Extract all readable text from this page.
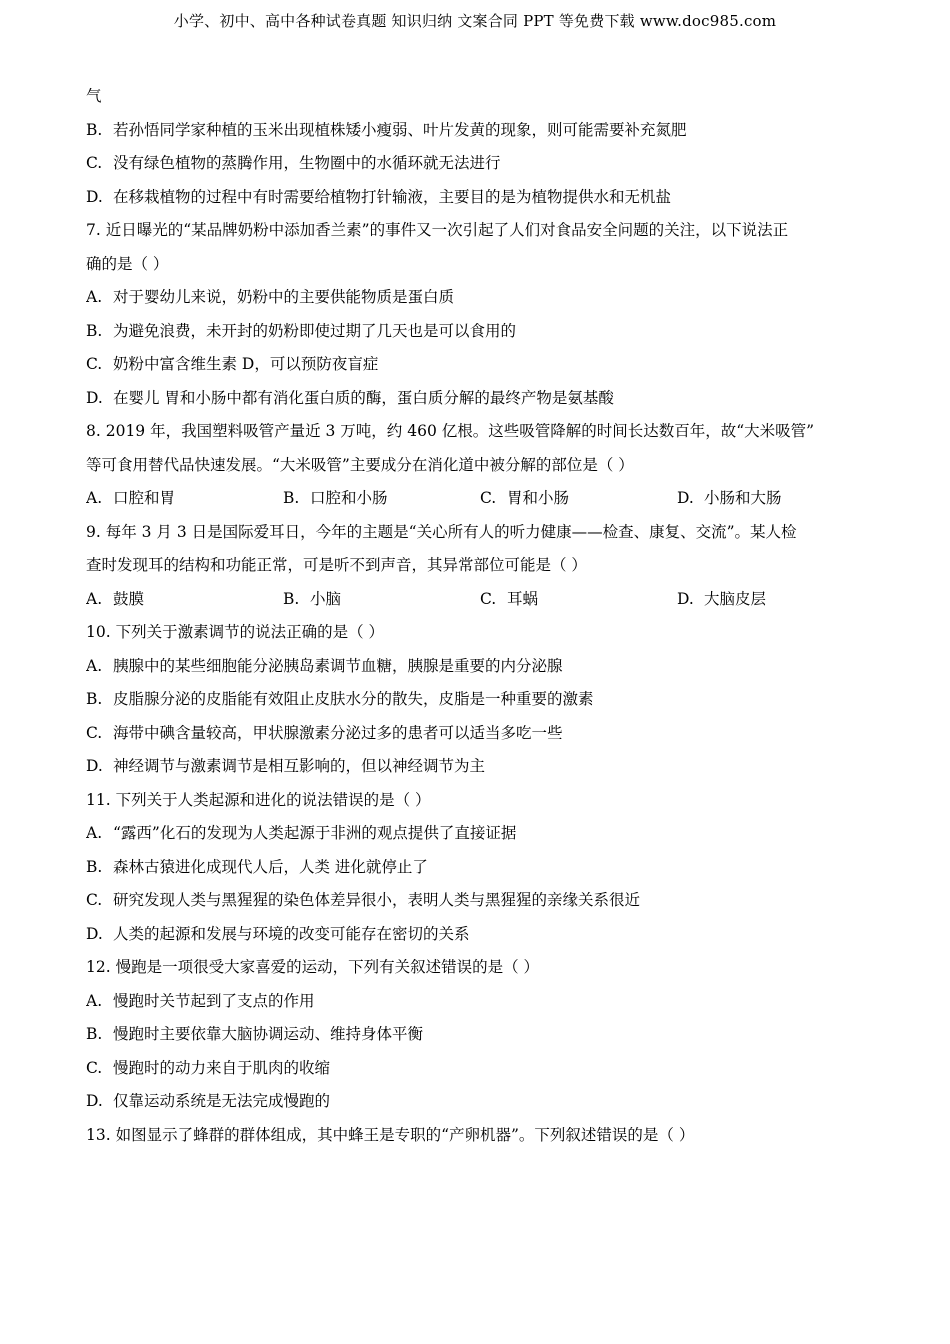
小学、初中、高中各种试卷真题 知识归纳 文案合同 PPT 等免费下载 www.doc985.com
气
B. 若孙悟同学家种植的玉米出现植株矮小瘦弱、叶片发黄的现象，则可能需要补充氮肥
C. 没有绿色植物的蒸腾作用，生物圈中的水循环就无法进行
D. 在移栽植物的过程中有时需要给植物打针输液，主要目的是为植物提供水和无机盐
7. 近日曝光的“某品牌奶粉中添加香兰素”的事件又一次引起了人们对食品安全问题的关注，以下说法正
确的是（ ）
A. 对于婴幼儿来说，奶粉中的主要供能物质是蛋白质
B. 为避免浪费，未开封的奶粉即使过期了几天也是可以食用的
C. 奶粉中富含维生素 D，可以预防夜盲症
D. 在婴儿 胃和小肠中都有消化蛋白质的酶，蛋白质分解的最终产物是氨基酸
8. 2019 年，我国塑料吸管产量近 3 万吨，约 460 亿根。这些吸管降解的时间长达数百年，故“大米吸管”
等可食用替代品快速发展。“大米吸管”主要成分在消化道中被分解的部位是（ ）
A. 口腔和胃	B. 口腔和小肠	C. 胃和小肠	D. 小肠和大肠
9. 每年 3 月 3 日是国际爱耳日，今年的主题是“关心所有人的听力健康——检查、康复、交流”。某人检
查时发现耳的结构和功能正常，可是听不到声音，其异常部位可能是（ ）
A. 鼓膜	B. 小脑	C. 耳蜗	D. 大脑皮层
10. 下列关于激素调节的说法正确的是（ ）
A. 胰腺中的某些细胞能分泌胰岛素调节血糖，胰腺是重要的内分泌腺
B. 皮脂腺分泌的皮脂能有效阻止皮肤水分的散失，皮脂是一种重要的激素
C. 海带中碘含量较高，甲状腺激素分泌过多的患者可以适当多吃一些
D. 神经调节与激素调节是相互影响的，但以神经调节为主
11. 下列关于人类起源和进化的说法错误的是（ ）
A. “露西”化石的发现为人类起源于非洲的观点提供了直接证据
B. 森林古猿进化成现代人后，人类 进化就停止了
C. 研究发现人类与黑猩猩的染色体差异很小，表明人类与黑猩猩的亲缘关系很近
D. 人类的起源和发展与环境的改变可能存在密切的关系
12. 慢跑是一项很受大家喜爱的运动，下列有关叙述错误的是（ ）
A. 慢跑时关节起到了支点的作用
B. 慢跑时主要依靠大脑协调运动、维持身体平衡
C. 慢跑时的动力来自于肌肉的收缩
D. 仅靠运动系统是无法完成慢跑的
13. 如图显示了蜂群的群体组成，其中蜂王是专职的“产卵机器”。下列叙述错误的是（ ）
